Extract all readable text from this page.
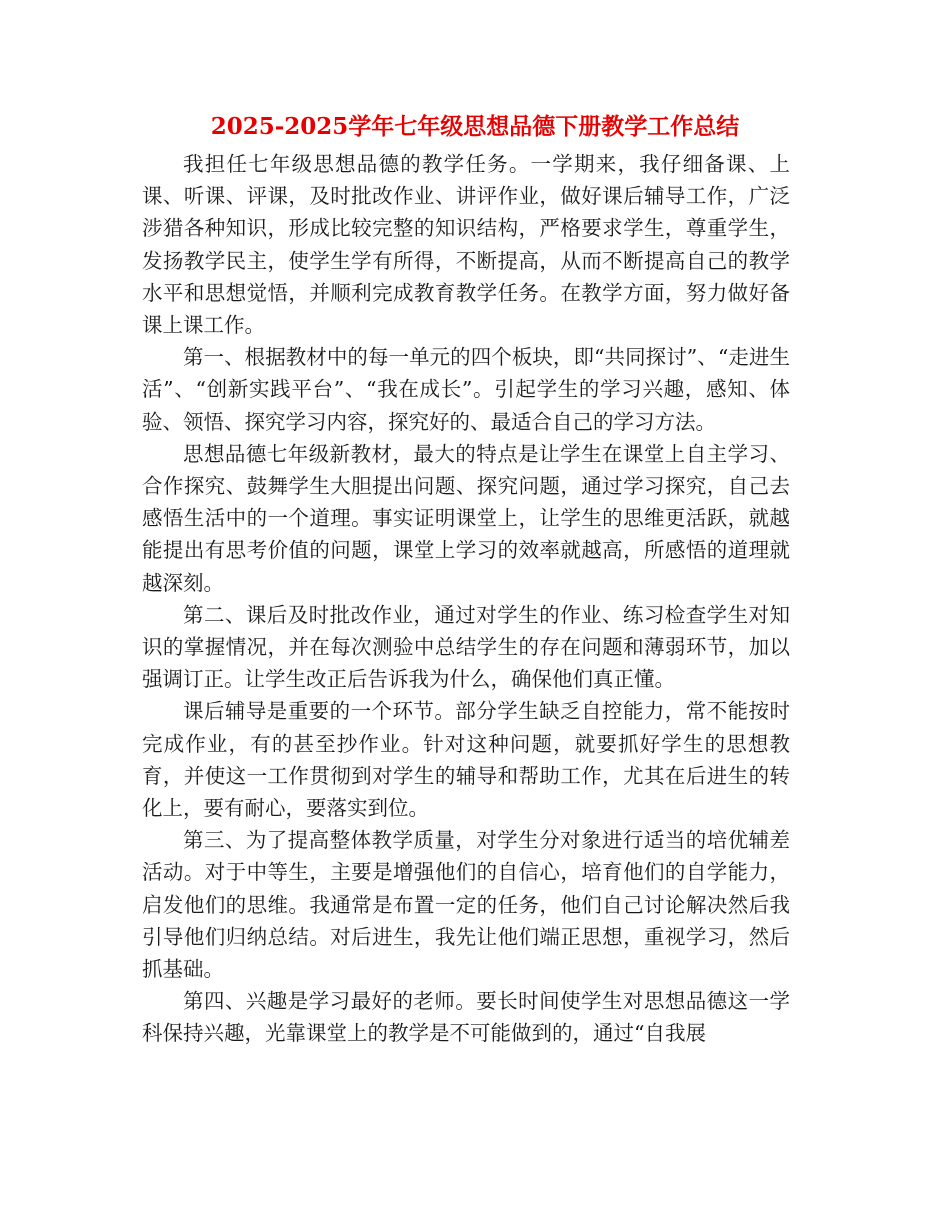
2025-2025学年七年级思想品德下册教学工作总结

我担任七年级思想品德的教学任务。一学期来，我仔细备课、上课、听课、评课，及时批改作业、讲评作业，做好课后辅导工作，广泛涉猎各种知识，形成比较完整的知识结构，严格要求学生，尊重学生，发扬教学民主，使学生学有所得，不断提高，从而不断提高自己的教学水平和思想觉悟，并顺利完成教育教学任务。在教学方面，努力做好备课上课工作。

第一、根据教材中的每一单元的四个板块，即“共同探讨”、“走进生活”、“创新实践平台”、“我在成长”。引起学生的学习兴趣，感知、体验、领悟、探究学习内容，探究好的、最适合自己的学习方法。

思想品德七年级新教材，最大的特点是让学生在课堂上自主学习、合作探究、鼓舞学生大胆提出问题、探究问题，通过学习探究，自己去感悟生活中的一个道理。事实证明课堂上，让学生的思维更活跃，就越能提出有思考价值的问题，课堂上学习的效率就越高，所感悟的道理就越深刻。

第二、课后及时批改作业，通过对学生的作业、练习检查学生对知识的掌握情况，并在每次测验中总结学生的存在问题和薄弱环节，加以强调订正。让学生改正后告诉我为什么，确保他们真正懂。

课后辅导是重要的一个环节。部分学生缺乏自控能力，常不能按时完成作业，有的甚至抄作业。针对这种问题，就要抓好学生的思想教育，并使这一工作贯彻到对学生的辅导和帮助工作，尤其在后进生的转化上，要有耐心，要落实到位。

第三、为了提高整体教学质量，对学生分对象进行适当的培优辅差活动。对于中等生，主要是增强他们的自信心，培育他们的自学能力，启发他们的思维。我通常是布置一定的任务，他们自己讨论解决然后我引导他们归纳总结。对后进生，我先让他们端正思想，重视学习，然后抓基础。

第四、兴趣是学习最好的老师。要长时间使学生对思想品德这一学科保持兴趣，光靠课堂上的教学是不可能做到的，通过“自我展
